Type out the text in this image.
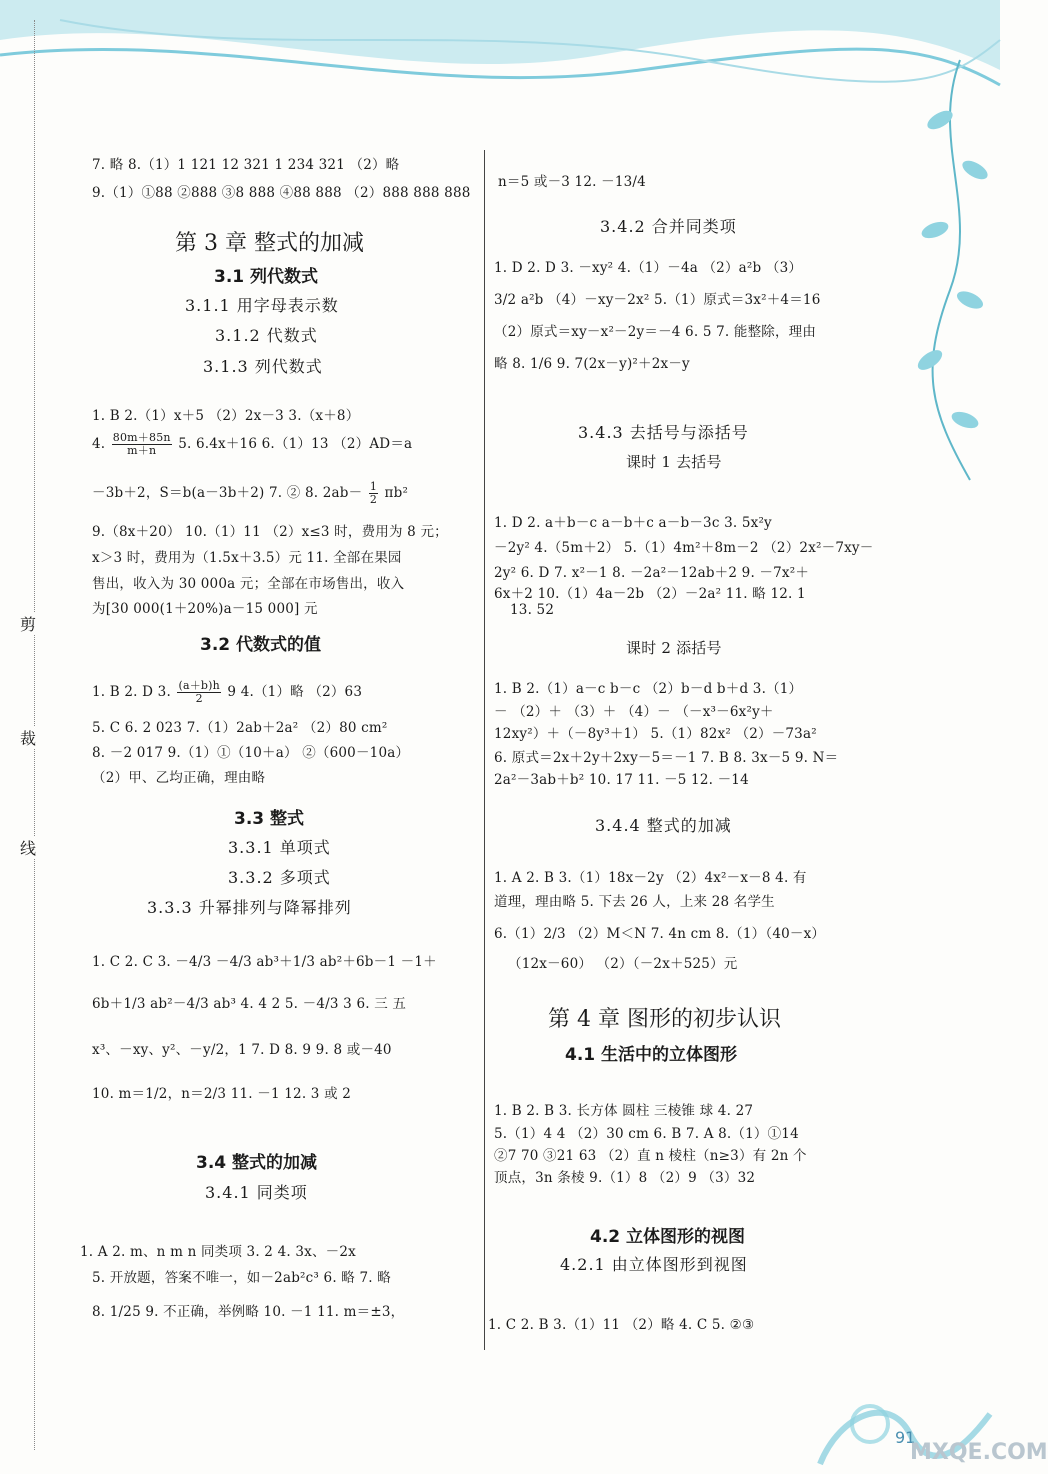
剪
裁
线
7. 略 8.（1）1 121 12 321 1 234 321 （2）略
9.（1）①88 ②888 ③8 888 ④88 888 （2）888 888 888
第 3 章 整式的加减
3.1 列代数式
3.1.1 用字母表示数
3.1.2 代数式
3.1.3 列代数式
1. B 2.（1）x＋5 （2）2x－3 3.（x＋8）
4. $\frac{80m+85n}{m+n} 5$. 6.4x＋16 6.（1）13 （2）AD＝a
－3b＋2，S＝b(a－3b＋2) 7. ② 8. $2ab- \frac{1}{2} \pi b^2$
9.（8x＋20） 10.（1）11 （2）x≤3 时，费用为 8 元；
x＞3 时，费用为（1.5x＋3.5）元 11. 全部在果园
售出，收入为 30 000a 元；全部在市场售出，收入
为[30 000(1＋20%)a－15 000] 元
3.2 代数式的值
1. B 2. D 3. $\frac{(a+b)h}{2} 9$ 4.（1）略 （2）63
5. C 6. 2 023 7.（1）2ab＋2a² （2）80 cm²
8. －2 017 9.（1）①（10＋a） ②（600－10a）
（2）甲、乙均正确，理由略
3.3 整式
3.3.1 单项式
3.3.2 多项式
3.3.3 升幂排列与降幂排列
1. C 2. C 3. －4/3 －4/3 ab³＋1/3 ab²＋6b－1 －1＋
6b＋1/3 ab²－4/3 ab³ 4. 4 2 5. －4/3 3 6. 三 五
x³、－xy、y²、－y/2，1 7. D 8. 9 9. 8 或－40
10. m＝1/2，n＝2/3 11. －1 12. 3 或 2
3.4 整式的加减
3.4.1 同类项
1. A 2. m、n m n 同类项 3. 2 4. 3x、－2x
5. 开放题，答案不唯一，如－2ab²c³ 6. 略 7. 略
8. 1/25 9. 不正确，举例略 10. －1 11. m＝±3，
n＝5 或－3 12. －13/4
3.4.2 合并同类项
1. D 2. D 3. －xy² 4.（1）－4a （2）a²b （3）
3/2 a²b （4）－xy－2x² 5.（1）原式＝3x²＋4＝16
（2）原式＝xy－x²－2y＝－4 6. 5 7. 能整除，理由
略 8. 1/6 9. 7(2x－y)²＋2x－y
3.4.3 去括号与添括号
课时 1 去括号
1. D 2. a＋b－c a－b＋c a－b－3c 3. 5x²y
－2y² 4.（5m＋2） 5.（1）4m²＋8m－2 （2）2x²－7xy－
2y² 6. D 7. x²－1 8. －2a²－12ab＋2 9. －7x²＋
6x＋2 10.（1）4a－2b （2）－2a² 11. 略 12. 1
13. 52
课时 2 添括号
1. B 2.（1）a－c b－c （2）b－d b＋d 3.（1）
－ （2）＋ （3）＋ （4）－ （－x³－6x²y＋
12xy²）＋（－8y³＋1） 5.（1）82x² （2）－73a²
6. 原式＝2x＋2y＋2xy－5＝－1 7. B 8. 3x－5 9. N＝
2a²－3ab＋b² 10. 17 11. －5 12. －14
3.4.4 整式的加减
1. A 2. B 3.（1）18x－2y （2）4x²－x－8 4. 有
道理，理由略 5. 下去 26 人，上来 28 名学生
6.（1）2/3 （2）M＜N 7. 4n cm 8.（1）（40－x）
（12x－60） （2）（－2x＋525）元
第 4 章 图形的初步认识
4.1 生活中的立体图形
1. B 2. B 3. 长方体 圆柱 三棱锥 球 4. 27
5.（1）4 4 （2）30 cm 6. B 7. A 8.（1）①14
②7 70 ③21 63 （2）直 n 棱柱（n≥3）有 2n 个
顶点，3n 条棱 9.（1）8 （2）9 （3）32
4.2 立体图形的视图
4.2.1 由立体图形到视图
1. C 2. B 3.（1）11 （2）略 4. C 5. ②③
91
MXQE.COM
